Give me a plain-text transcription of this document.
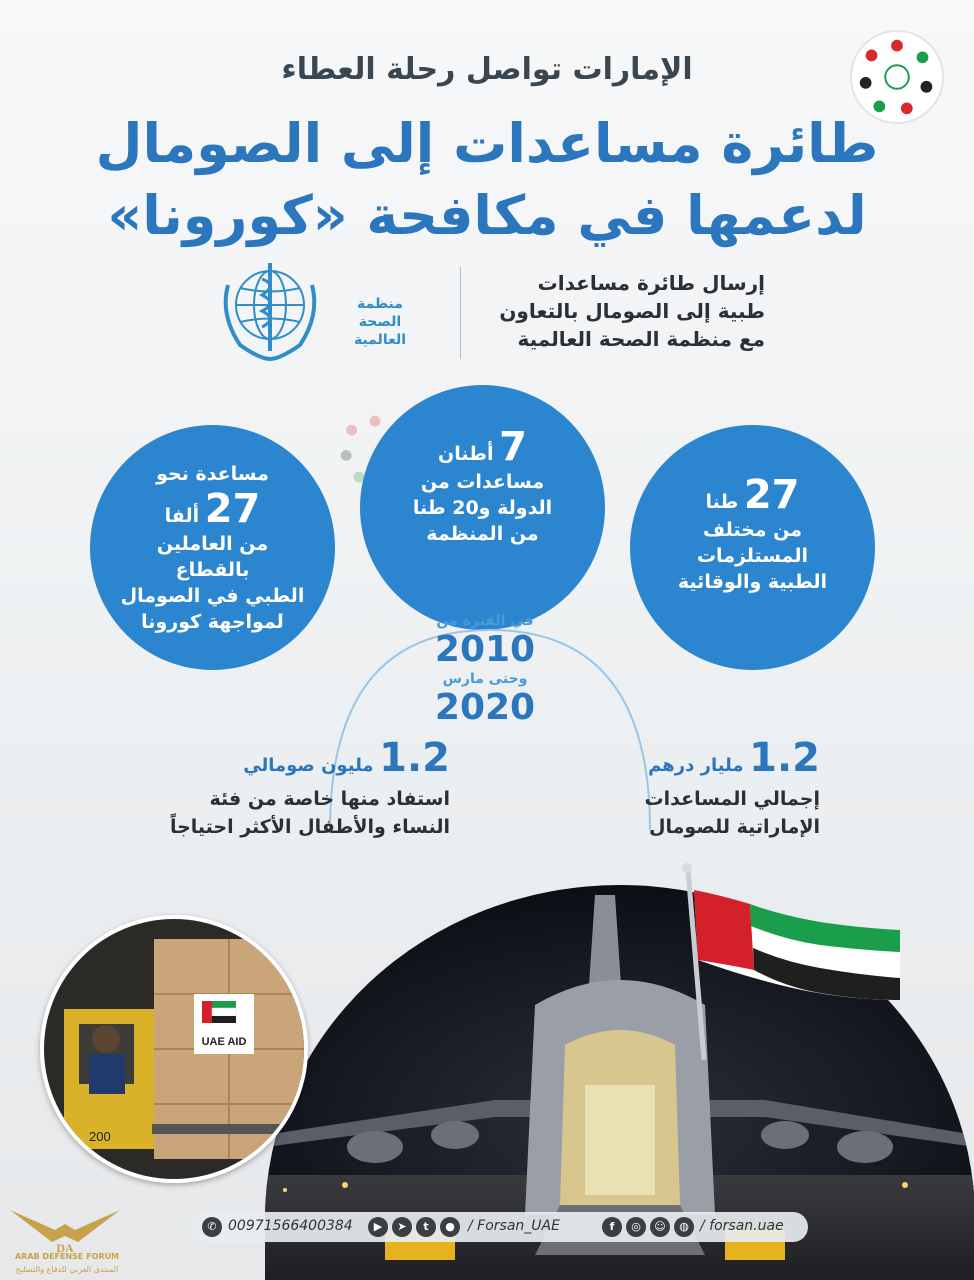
الإمارات تواصل رحلة العطاء
طائرة مساعدات إلى الصومال
لدعمها في مكافحة «كورونا»
منظمة
الصحة العالمية
إرسال طائرة مساعدات
طبية إلى الصومال بالتعاون
مع منظمة الصحة العالمية
مساعدة نحو
27 ألفا
من العاملين بالقطاع
الطبي في الصومال
لمواجهة كورونا
7 أطنان
مساعدات من
الدولة و20 طنا
من المنظمة
27 طنا
من مختلف
المستلزمات
الطبية والوقائية
في الفترة من
2010
وحتى مارس
2020
1.2 مليار درهم
إجمالي المساعدات
الإماراتية للصومال
1.2 مليون صومالي
استفاد منها خاصة من فئة
النساء والأطفال الأكثر احتياجاً
UAE AID
200
✆ 00971566400384	▶	➤	t	● / Forsan_UAE	f	◎	☺	◍ / forsan.uae
DA
ARAB DEFENSE FORUM
المنتدى العربي للدفاع والتسليح
